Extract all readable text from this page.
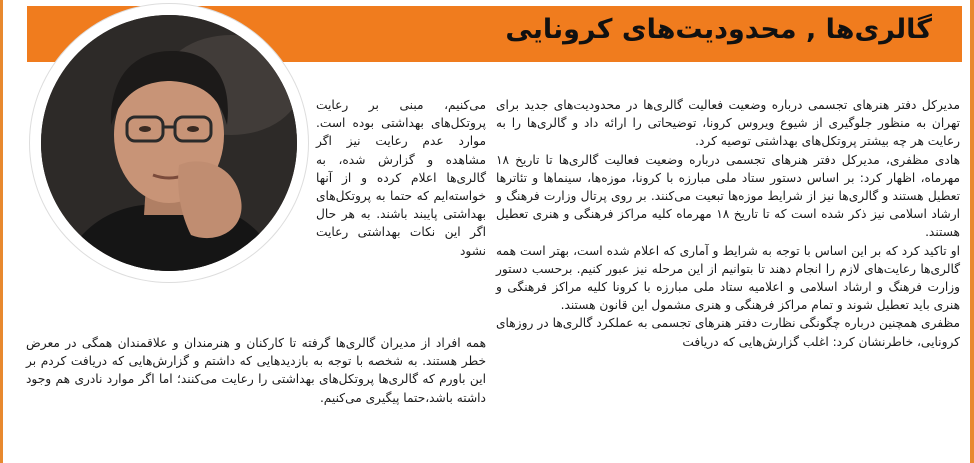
گالری‌ها , محدودیت‌های کرونایی

مدیرکل دفتر هنرهای تجسمی درباره وضعیت فعالیت گالری‌ها در محدودیت‌های جدید برای تهران به منظور جلوگیری از شیوع ویروس کرونا، توضیحاتی را ارائه داد و گالری‌ها را به رعایت هر چه بیشتر پروتکل‌های بهداشتی توصیه کرد.

هادی مظفری، مدیرکل دفتر هنرهای تجسمی درباره وضعیت فعالیت گالری‌ها تا تاریخ ۱۸ مهرماه، اظهار کرد: بر اساس دستور ستاد ملی مبارزه با کرونا، موزه‌ها، سینماها و تئاترها تعطیل هستند و گالری‌ها نیز از شرایط موزه‌ها تبعیت می‌کنند. بر روی پرتال وزارت فرهنگ و ارشاد اسلامی نیز ذکر شده است که تا تاریخ ۱۸ مهرماه کلیه مراکز فرهنگی و هنری تعطیل هستند.

او تاکید کرد که بر این اساس با توجه به شرایط و آماری که اعلام شده است، بهتر است همه گالری‌ها رعایت‌های لازم را انجام دهند تا بتوانیم از این مرحله نیز عبور کنیم. برحسب دستور وزارت فرهنگ و ارشاد اسلامی و اعلامیه ستاد ملی مبارزه با کرونا کلیه مراکز فرهنگی و هنری باید تعطیل شوند و تمام مراکز فرهنگی و هنری مشمول این قانون هستند.

مظفری همچنین درباره چگونگی نظارت دفتر هنرهای تجسمی به عملکرد گالری‌ها در روزهای کرونایی، خاطرنشان کرد: اغلب گزارش‌هایی که دریافت

می‌کنیم، مبنی بر رعایت پروتکل‌های بهداشتی بوده است. موارد عدم رعایت نیز اگر مشاهده و گزارش شده، به گالری‌ها اعلام کرده و از آنها خواسته‌ایم که حتما به پروتکل‌های بهداشتی پایبند باشند. به هر حال اگر این نکات بهداشتی رعایت نشود

همه افراد از مدیران گالری‌ها گرفته تا کارکنان و هنرمندان و علاقمندان همگی در معرض خطر هستند. به شخصه با توجه به بازدیدهایی که داشتم و گزارش‌هایی که دریافت کردم بر این باورم که گالری‌ها پروتکل‌های بهداشتی را رعایت می‌کنند؛ اما اگر موارد نادری هم وجود داشته باشد،حتما پیگیری می‌کنیم.
